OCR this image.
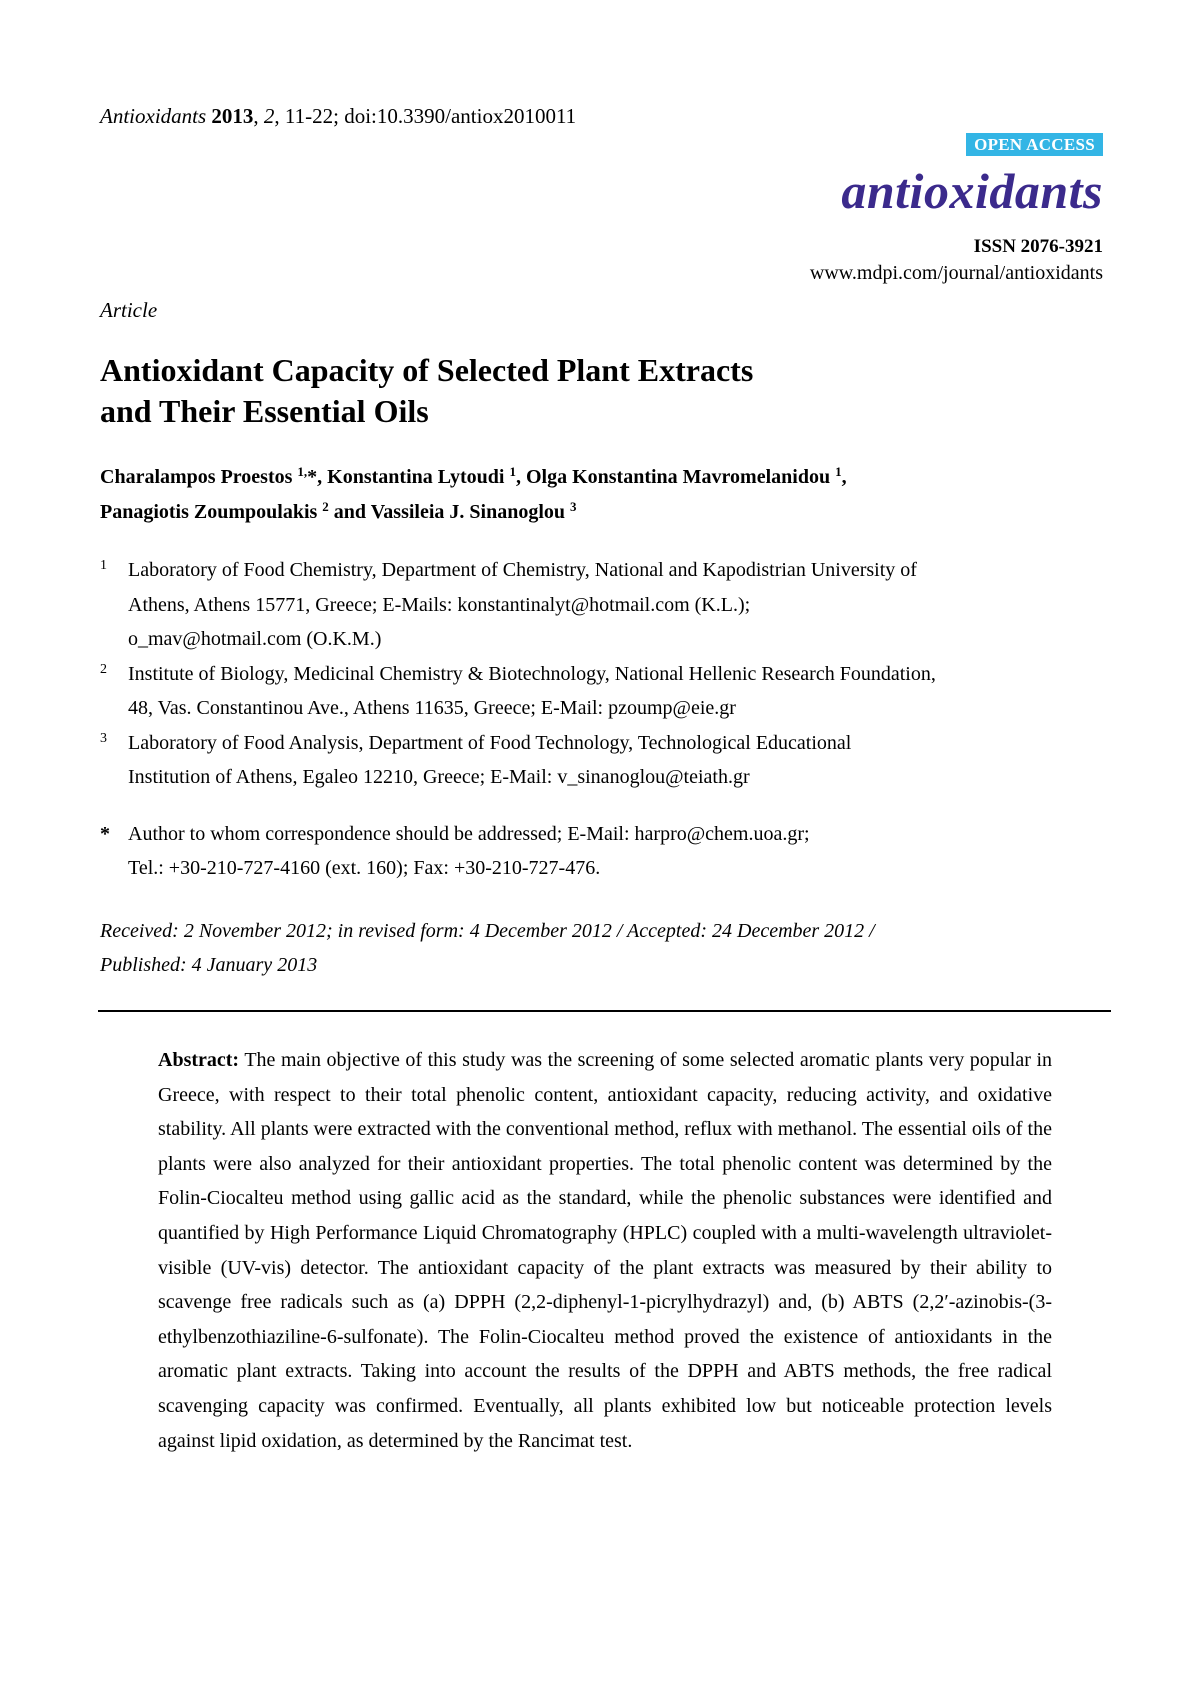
Antioxidants 2013, 2, 11-22; doi:10.3390/antiox2010011
OPEN ACCESS
antioxidants
ISSN 2076-3921
www.mdpi.com/journal/antioxidants
Article
Antioxidant Capacity of Selected Plant Extracts
and Their Essential Oils
Charalampos Proestos $^{1,}$*, Konstantina Lytoudi $^1$, Olga Konstantina Mavromelanidou $^1$,
Panagiotis Zoumpoulakis $^2$ and Vassileia J. Sinanoglou $^3$
1	Laboratory of Food Chemistry, Department of Chemistry, National and Kapodistrian University of
Athens, Athens 15771, Greece; E-Mails: konstantinalyt@hotmail.com (K.L.);
o_mav@hotmail.com (O.K.M.)
2	Institute of Biology, Medicinal Chemistry & Biotechnology, National Hellenic Research Foundation,
48, Vas. Constantinou Ave., Athens 11635, Greece; E-Mail: pzoump@eie.gr
3	Laboratory of Food Analysis, Department of Food Technology, Technological Educational
Institution of Athens, Egaleo 12210, Greece; E-Mail: v_sinanoglou@teiath.gr
* Author to whom correspondence should be addressed; E-Mail: harpro@chem.uoa.gr;
Tel.: +30-210-727-4160 (ext. 160); Fax: +30-210-727-476.
Received: 2 November 2012; in revised form: 4 December 2012 / Accepted: 24 December 2012 /
Published: 4 January 2013
Abstract: The main objective of this study was the screening of some selected aromatic plants very popular in Greece, with respect to their total phenolic content, antioxidant capacity, reducing activity, and oxidative stability. All plants were extracted with the conventional method, reflux with methanol. The essential oils of the plants were also analyzed for their antioxidant properties. The total phenolic content was determined by the Folin-Ciocalteu method using gallic acid as the standard, while the phenolic substances were identified and quantified by High Performance Liquid Chromatography (HPLC) coupled with a multi-wavelength ultraviolet-visible (UV-vis) detector. The antioxidant capacity of the plant extracts was measured by their ability to scavenge free radicals such as (a) DPPH (2,2-diphenyl-1-picrylhydrazyl) and, (b) ABTS (2,2′-azinobis-(3-ethylbenzothiaziline-6-sulfonate). The Folin-Ciocalteu method proved the existence of antioxidants in the aromatic plant extracts. Taking into account the results of the DPPH and ABTS methods, the free radical scavenging capacity was confirmed. Eventually, all plants exhibited low but noticeable protection levels against lipid oxidation, as determined by the Rancimat test.
